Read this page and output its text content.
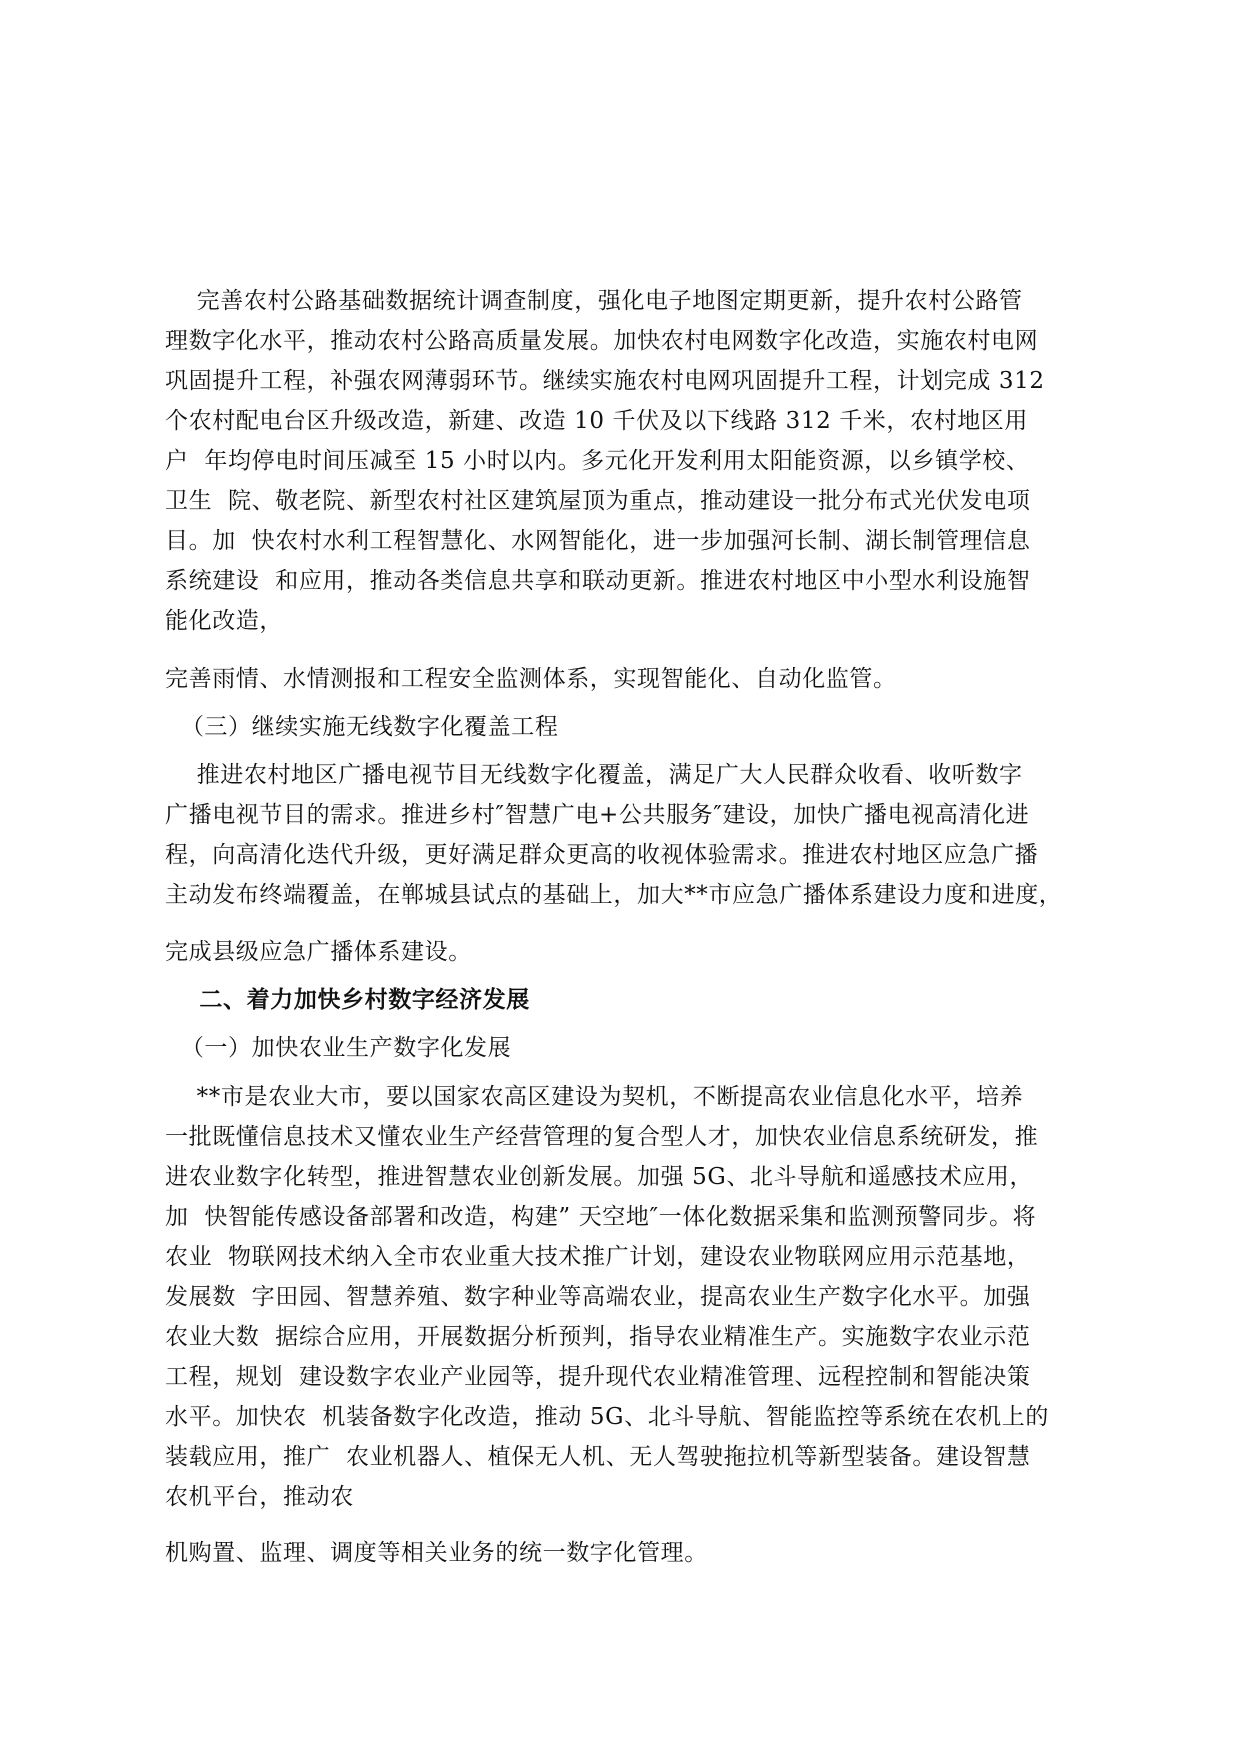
完善农村公路基础数据统计调查制度，强化电子地图定期更新，提升农村公路管
理数字化水平，推动农村公路高质量发展。加快农村电网数字化改造，实施农村电网
巩固提升工程，补强农网薄弱环节。继续实施农村电网巩固提升工程，计划完成 312
个农村配电台区升级改造，新建、改造 10 千伏及以下线路 312 千米，农村地区用
户  年均停电时间压减至 15 小时以内。多元化开发利用太阳能资源，以乡镇学校、
卫生  院、敬老院、新型农村社区建筑屋顶为重点，推动建设一批分布式光伏发电项
目。加  快农村水利工程智慧化、水网智能化，进一步加强河长制、湖长制管理信息
系统建设  和应用，推动各类信息共享和联动更新。推进农村地区中小型水利设施智
能化改造，
完善雨情、水情测报和工程安全监测体系，实现智能化、自动化监管。
（三）继续实施无线数字化覆盖工程
推进农村地区广播电视节目无线数字化覆盖，满足广大人民群众收看、收听数字
广播电视节目的需求。推进乡村″智慧广电+公共服务″建设，加快广播电视高清化进
程，向高清化迭代升级，更好满足群众更高的收视体验需求。推进农村地区应急广播
主动发布终端覆盖，在郸城县试点的基础上，加大**市应急广播体系建设力度和进度，
完成县级应急广播体系建设。
二、着力加快乡村数字经济发展
（一）加快农业生产数字化发展
**市是农业大市，要以国家农高区建设为契机，不断提高农业信息化水平，培养
一批既懂信息技术又懂农业生产经营管理的复合型人才，加快农业信息系统研发，推
进农业数字化转型，推进智慧农业创新发展。加强 5G、北斗导航和遥感技术应用，
加  快智能传感设备部署和改造，构建” 天空地″一体化数据采集和监测预警同步。将
农业  物联网技术纳入全市农业重大技术推广计划，建设农业物联网应用示范基地，
发展数  字田园、智慧养殖、数字种业等高端农业，提高农业生产数字化水平。加强
农业大数  据综合应用，开展数据分析预判，指导农业精准生产。实施数字农业示范
工程，规划  建设数字农业产业园等，提升现代农业精准管理、远程控制和智能决策
水平。加快农  机装备数字化改造，推动 5G、北斗导航、智能监控等系统在农机上的
装载应用，推广  农业机器人、植保无人机、无人驾驶拖拉机等新型装备。建设智慧
农机平台，推动农
机购置、监理、调度等相关业务的统一数字化管理。
